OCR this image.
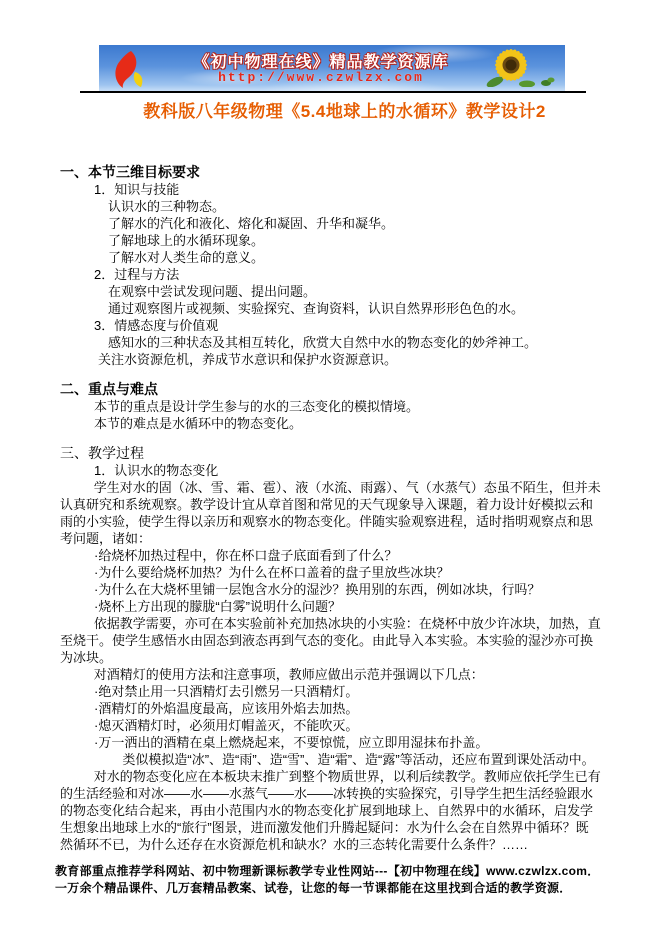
《初中物理在线》精品教学资源库
http://www.czwlzx.com
教科版八年级物理《5.4地球上的水循环》教学设计2
一、本节三维目标要求
1．知识与技能
认识水的三种物态。
了解水的汽化和液化、熔化和凝固、升华和凝华。
了解地球上的水循环现象。
了解水对人类生命的意义。
2．过程与方法
在观察中尝试发现问题、提出问题。
通过观察图片或视频、实验探究、查询资料，认识自然界形形色色的水。
3．情感态度与价值观
感知水的三种状态及其相互转化，欣赏大自然中水的物态变化的妙斧神工。
关注水资源危机，养成节水意识和保护水资源意识。
二、重点与难点
本节的重点是设计学生参与的水的三态变化的模拟情境。
本节的难点是水循环中的物态变化。
三、教学过程
1．认识水的物态变化
学生对水的固（冰、雪、霜、雹）、液（水流、雨露）、气（水蒸气）态虽不陌生，但并未认真研究和系统观察。教学设计宜从章首图和常见的天气现象导入课题，着力设计好模拟云和雨的小实验，使学生得以亲历和观察水的物态变化。伴随实验观察进程，适时指明观察点和思考问题，诸如：
·给烧杯加热过程中，你在杯口盘子底面看到了什么？
·为什么要给烧杯加热？为什么在杯口盖着的盘子里放些冰块？
·为什么在大烧杯里铺一层饱含水分的湿沙？换用别的东西，例如冰块，行吗？
·烧杯上方出现的朦胧“白雾”说明什么问题？
依据教学需要，亦可在本实验前补充加热冰块的小实验：在烧杯中放少许冰块，加热，直至烧干。使学生感悟水由固态到液态再到气态的变化。由此导入本实验。本实验的湿沙亦可换为冰块。
对酒精灯的使用方法和注意事项，教师应做出示范并强调以下几点：
·绝对禁止用一只酒精灯去引燃另一只酒精灯。
·酒精灯的外焰温度最高，应该用外焰去加热。
·熄灭酒精灯时，必须用灯帽盖灭，不能吹灭。
·万一洒出的酒精在桌上燃烧起来，不要惊慌，应立即用湿抹布扑盖。
类似模拟造“冰”、造“雨”、造“雪”、造“霜”、造“露”等活动，还应布置到课处活动中。
对水的物态变化应在本板块末推广到整个物质世界，以利后续教学。教师应依托学生已有的生活经验和对冰——水——水蒸气——水——冰转换的实验探究，引导学生把生活经验跟水的物态变化结合起来，再由小范围内水的物态变化扩展到地球上、自然界中的水循环，启发学生想象出地球上水的“旅行”图景，进而激发他们升腾起疑问：水为什么会在自然界中循环？既然循环不已，为什么还存在水资源危机和缺水？水的三态转化需要什么条件？……
教育部重点推荐学科网站、初中物理新课标教学专业性网站---【初中物理在线】www.czwlzx.com．一万余个精品课件、几万套精品教案、试卷，让您的每一节课都能在这里找到合适的教学资源．
